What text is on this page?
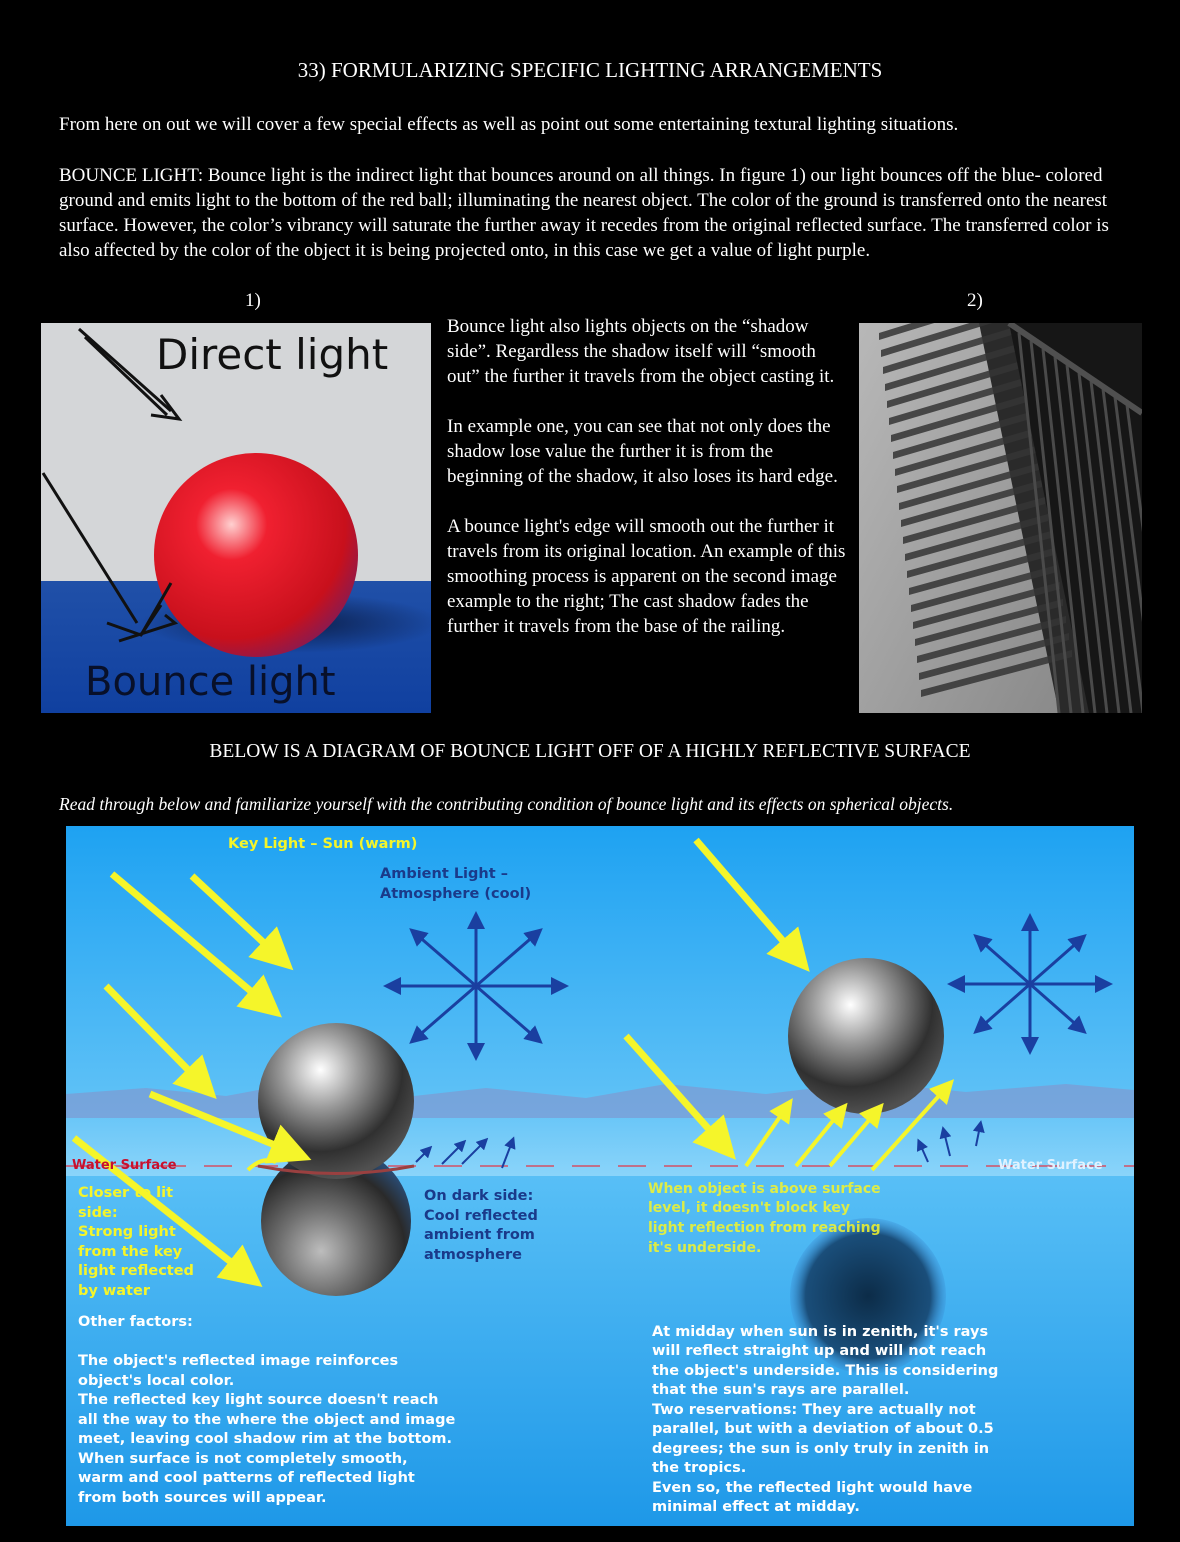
33) FORMULARIZING SPECIFIC LIGHTING ARRANGEMENTS
From here on out we will cover a few special effects as well as point out some entertaining textural lighting situations.
BOUNCE LIGHT: Bounce light is the indirect light that bounces around on all things. In figure 1) our light bounces off the blue- colored ground and emits light to the bottom of the red ball; illuminating the nearest object. The color of the ground is transferred onto the nearest surface. However, the color’s vibrancy will saturate the further away it recedes from the original reflected surface. The transferred color is also affected by the color of the object it is being projected onto, in this case we get a value of light purple.
1)	2)
Direct light
Bounce light

Bounce light also lights objects on the “shadow side”. Regardless the shadow itself will “smooth out” the further it travels from the object casting it.

In example one, you can see that not only does the shadow lose value the further it is from the beginning of the shadow, it also loses its hard edge.

A bounce light's edge will smooth out the further it travels from its original location. An example of this smoothing process is apparent on the second image example to the right; The cast shadow fades the further it travels from the base of the railing.

BELOW IS A DIAGRAM OF BOUNCE LIGHT OFF OF A HIGHLY REFLECTIVE SURFACE
Read through below and familiarize yourself with the contributing condition of bounce light and its effects on spherical objects.
Key Light – Sun (warm)
Ambient Light –
Atmosphere (cool)
Water Surface	Water Surface
Closer to lit
side:
Strong light
from the key
light reflected
by water
On dark side:
Cool reflected
ambient from
atmosphere
When object is above surface
level, it doesn't block key
light reflection from reaching
it's underside.
Other factors:
The object's reflected image reinforces
object's local color.
The reflected key light source doesn't reach
all the way to the where the object and image
meet, leaving cool shadow rim at the bottom.
When surface is not completely smooth,
warm and cool patterns of reflected light
from both sources will appear.
At midday when sun is in zenith, it's rays
will reflect straight up and will not reach
the object's underside. This is considering
that the sun's rays are parallel.
Two reservations: They are actually not
parallel, but with a deviation of about 0.5
degrees; the sun is only truly in zenith in
the tropics.
Even so, the reflected light would have
minimal effect at midday.
